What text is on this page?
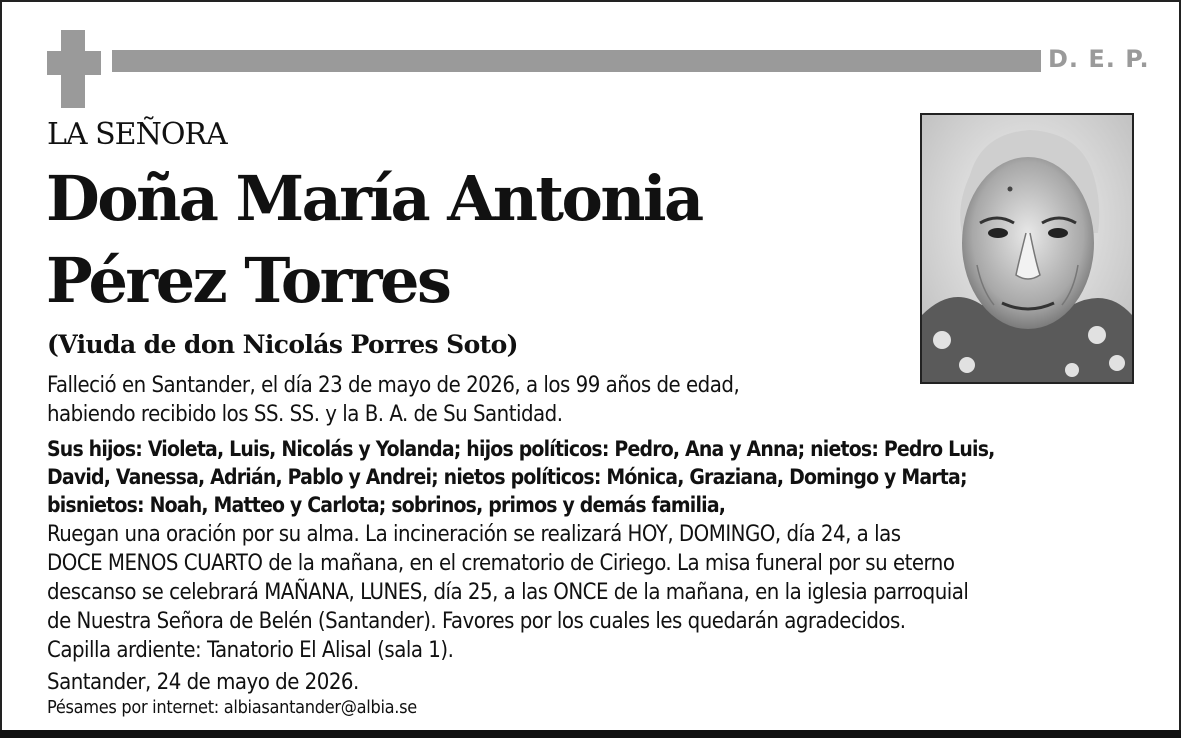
D. E. P.
LA SEÑORA
Doña María Antonia
Pérez Torres
(Viuda de don Nicolás Porres Soto)

Falleció en Santander, el día 23 de mayo de 2026, a los 99 años de edad,
habiendo recibido los SS. SS. y la B. A. de Su Santidad.

Sus hijos: Violeta, Luis, Nicolás y Yolanda; hijos políticos: Pedro, Ana y Anna; nietos: Pedro Luis,
David, Vanessa, Adrián, Pablo y Andrei; nietos políticos: Mónica, Graziana, Domingo y Marta;
bisnietos: Noah, Matteo y Carlota; sobrinos, primos y demás familia,

Ruegan una oración por su alma. La incineración se realizará HOY, DOMINGO, día 24, a las
DOCE MENOS CUARTO de la mañana, en el crematorio de Ciriego. La misa funeral por su eterno
descanso se celebrará MAÑANA, LUNES, día 25, a las ONCE de la mañana, en la iglesia parroquial
de Nuestra Señora de Belén (Santander). Favores por los cuales les quedarán agradecidos.
Capilla ardiente: Tanatorio El Alisal (sala 1).

Santander, 24 de mayo de 2026.

Pésames por internet: albiasantander@albia.se
